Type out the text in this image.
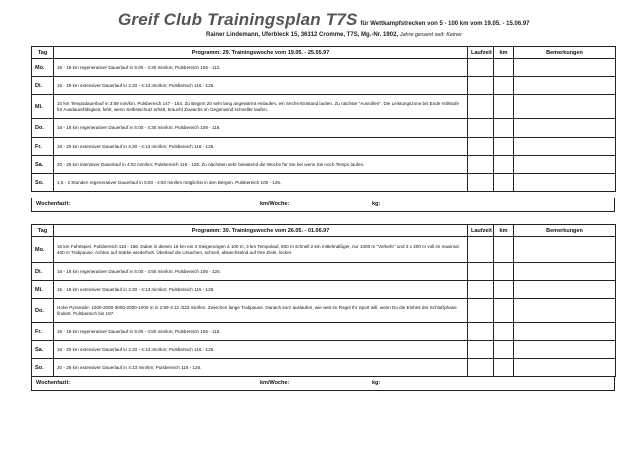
Greif Club Trainingsplan T7S für Wettkampfstrecken von 5 - 100 km vom 19.05. - 15.06.97
Rainer Lindemann, Uferbleck 15, 36312 Cromme, T7S, Mg.-Nr. 1902, Jahre gesamt seit: Keiner
Tag	Programm: 29. Trainingswoche vom 19.05. - 25.05.97	Laufzeit	km	Bemerkungen
Mo.	16 - 18 km regenerativer Dauerlauf in 5:00 - 4:30 min/km; Pulsbereich 106 - 112.			
Di.	16 - 18 km extensiver Dauerlauf in 4:20 - 4:13 min/km; Pulsbereich 116 - 125.			
Mi.	10 km Tempodauerlauf in 3:59 min/km. Pulsbereich 147 - 154. Zu Beginn 20 sehr lang angewärmt einlaufen, ein Sechs-Einstand laufen. Zu nächste "Ausrollen". Die Leistungszone bis Ende Vollstufe für Ausdauerfähigkeit, fehlt, wenn Selbstschutz erhält, braucht Zuwachs im Gegenwind schneller laufen.			
Do.	16 - 18 km regenerativer Dauerlauf in 5:00 - 4:30 min/km; Pulsbereich 108 - 118.			
Fr.	18 - 20 km extensiver Dauerlauf in 4:20 - 4:13 min/km; Pulsbereich 118 - 125.			
Sa.	20 - 25 km intensiver Dauerlauf in 4:02 min/km; Pulsbereich 118 - 125. Zu nächsten sehr belastend die Woche für Sie bei wenn Sie noch Tempo laufen.			
So.	1,5 - 2 Stunden regenerativer Dauerlauf in 5:00 - 4:50 min/km möglichst in den Bergen. Pulsbereich 100 - 126.			
Wochenfazit:	km/Woche:	kg:
Tag	Programm: 30. Trainingswoche vom 26.05. - 01.06.97	Laufzeit	km	Bemerkungen
Mo.	16 km Fahrtspiel. Pulsbereich 110 - 156. Dabei in diesen 16 km ein 3 Steigerungen à 100 m, 3 km Tempolauf, 800 m schnell 2 km mittelmäßiger, nur 1000 m "Verkehr" und 3 x 200 m voll im maximal 400 m Trabpause. Achten auf Stärke wiederholt. Überlauf die Ursachen, schnell, abwechselnd auf Ihre Ziele, locker.			
Di.	16 - 18 km regenerativer Dauerlauf in 5:00 - 4:50 min/km; Pulsbereich 106 - 126.			
Mi.	16 - 18 km extensiver Dauerlauf in 4:20 - 4:13 min/km; Pulsbereich 116 - 126.			
Do.	Hohe Pyramide: 1000-2000-3000-2000-1000 m in 2:59-3:12 /333 min/km. Zwischen lange Trabpause. Danach kurz auslaufen, wie weit im Regel Ihr Sport will, wenn Du die Einheit der Schlußphase findest. Pulsbereich bis 167.			
Fr.	16 - 18 km regenerativer Dauerlauf in 5:00 - 4:50 min/km; Pulsbereich 106 - 115.			
Sa.	18 - 20 km extensiver Dauerlauf in 4:20 - 4:13 min/km; Pulsbereich 116 - 125.			
So.	20 - 25 km extensiver Dauerlauf in 4:13 min/km; Pulsbereich 116 - 126.			
Wochenfazit:	km/Woche:	kg:
